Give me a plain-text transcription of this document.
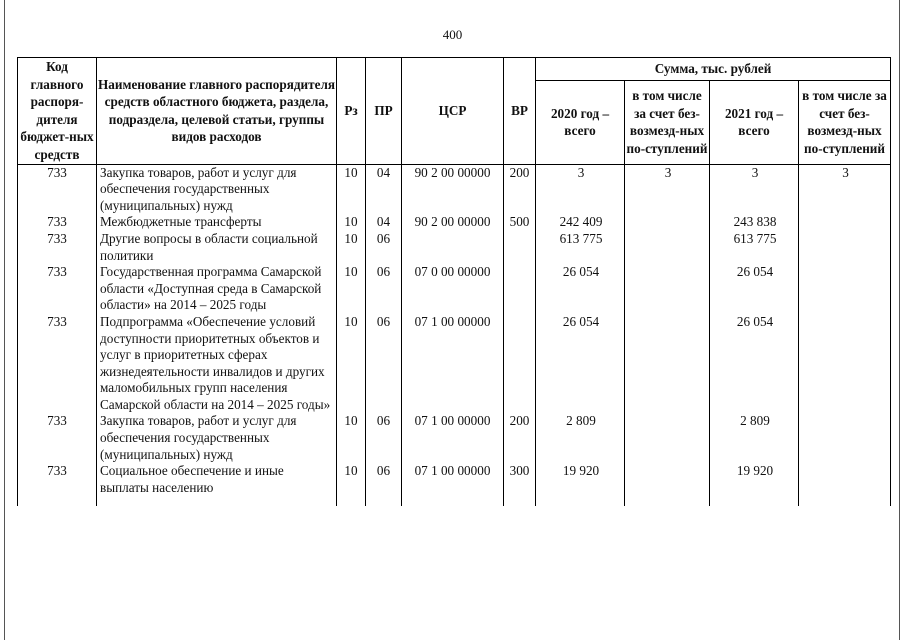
400
Код главного распоря-дителя бюджет-ных средств	Наименование главного распорядителя средств областного бюджета, раздела, подраздела, целевой статьи, группы видов расходов	Рз	ПР	ЦСР	ВР	Сумма, тыс. рублей			
						2020 год – всего	в том числе за счет без-возмезд-ных по-ступлений	2021 год – всего	в том числе за счет без-возмезд-ных по-ступлений
733	Закупка товаров, работ и услуг для обеспечения государственных (муниципальных) нужд	10	04	90 2 00 00000	200	3	3	3	3
733	Межбюджетные трансферты	10	04	90 2 00 00000	500	242 409		243 838	
733	Другие вопросы в области социальной политики	10	06			613 775		613 775	
733	Государственная программа Самарской области «Доступная среда в Самарской области» на 2014 – 2025 годы	10	06	07 0 00 00000		26 054		26 054	
733	Подпрограмма «Обеспечение условий доступности приоритетных объектов и услуг в приоритетных сферах жизнедеятельности инвалидов и других маломобильных групп населения Самарской области на 2014 – 2025 годы»	10	06	07 1 00 00000		26 054		26 054	
733	Закупка товаров, работ и услуг для обеспечения государственных (муниципальных) нужд	10	06	07 1 00 00000	200	2 809		2 809	
733	Социальное обеспечение и иные выплаты населению	10	06	07 1 00 00000	300	19 920		19 920	
